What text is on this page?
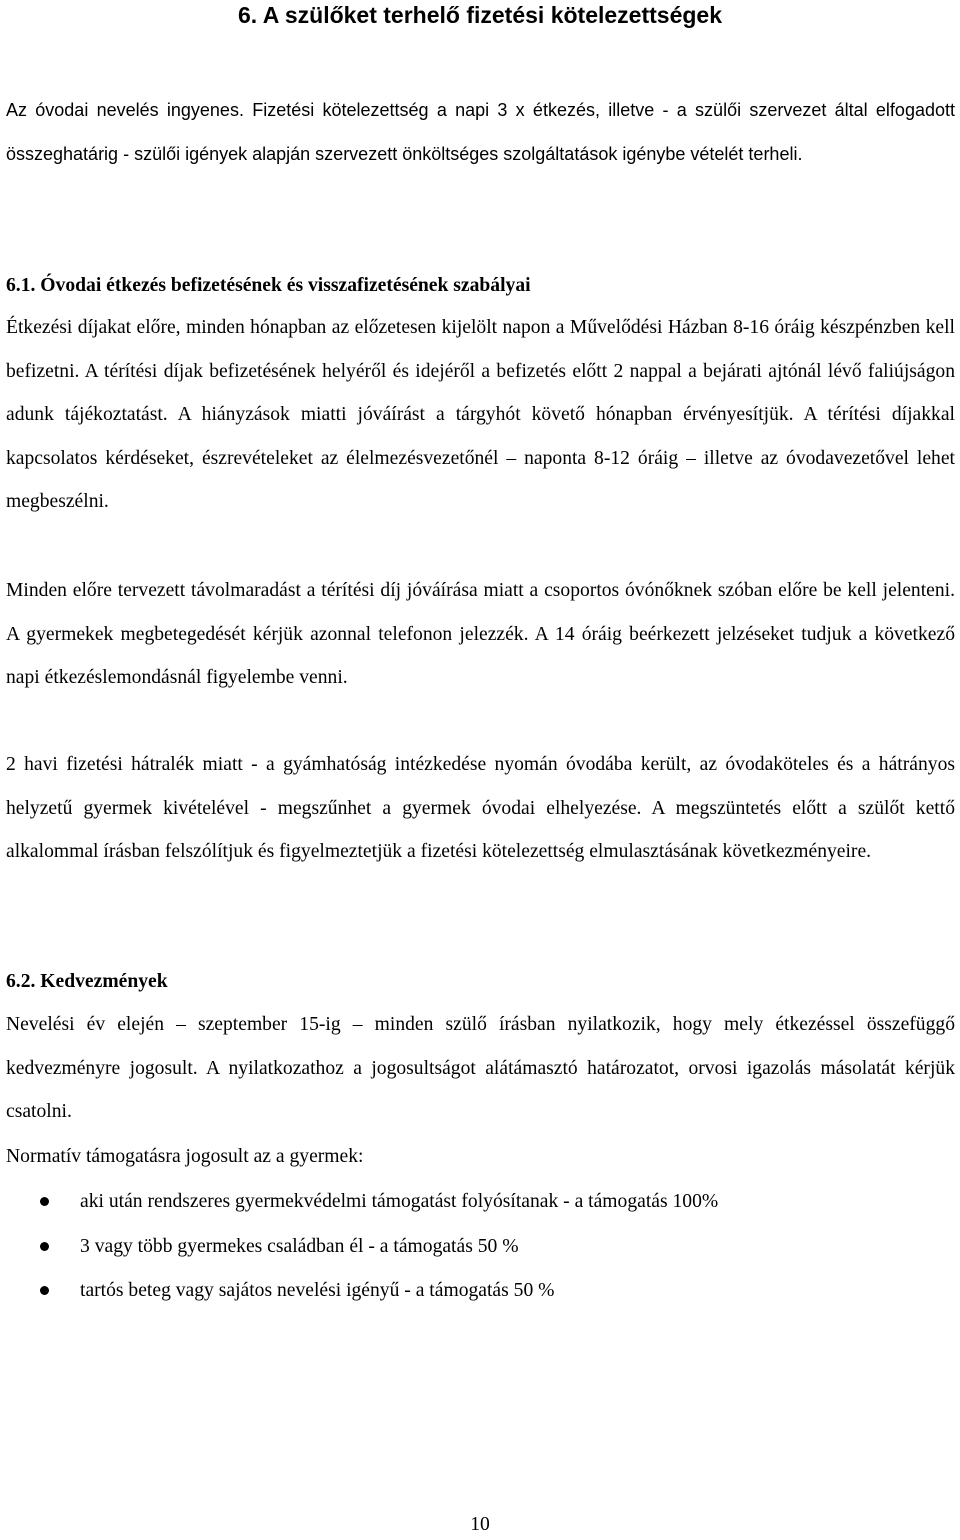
6. A szülőket terhelő fizetési kötelezettségek

Az óvodai nevelés ingyenes. Fizetési kötelezettség a napi 3 x étkezés, illetve - a szülői szervezet által elfogadott összeghatárig - szülői igények alapján szervezett önköltséges szolgáltatások igénybe vételét terheli.

6.1. Óvodai étkezés befizetésének és visszafizetésének szabályai

Étkezési díjakat előre, minden hónapban az előzetesen kijelölt napon a Művelődési Házban 8-16 óráig készpénzben kell befizetni. A térítési díjak befizetésének helyéről és idejéről a befizetés előtt 2 nappal a bejárati ajtónál lévő faliújságon adunk tájékoztatást. A hiányzások miatti jóváírást a tárgyhót követő hónapban érvényesítjük. A térítési díjakkal kapcsolatos kérdéseket, észrevételeket az élelmezésvezetőnél – naponta 8-12 óráig – illetve az óvodavezetővel lehet megbeszélni.

Minden előre tervezett távolmaradást a térítési díj jóváírása miatt a csoportos óvónőknek szóban előre be kell jelenteni. A gyermekek megbetegedését kérjük azonnal telefonon jelezzék. A 14 óráig beérkezett jelzéseket tudjuk a következő napi étkezéslemondásnál figyelembe venni.

2 havi fizetési hátralék miatt - a gyámhatóság intézkedése nyomán óvodába került, az óvodaköteles és a hátrányos helyzetű gyermek kivételével - megszűnhet a gyermek óvodai elhelyezése. A megszüntetés előtt a szülőt kettő alkalommal írásban felszólítjuk és figyelmeztetjük a fizetési kötelezettség elmulasztásának következményeire.

6.2. Kedvezmények

Nevelési év elején – szeptember 15-ig – minden szülő írásban nyilatkozik, hogy mely étkezéssel összefüggő kedvezményre jogosult. A nyilatkozathoz a jogosultságot alátámasztó határozatot, orvosi igazolás másolatát kérjük csatolni.

Normatív támogatásra jogosult az a gyermek:

aki után rendszeres gyermekvédelmi támogatást folyósítanak - a támogatás 100%
3 vagy több gyermekes családban él - a támogatás 50 %
tartós beteg vagy sajátos nevelési igényű - a támogatás 50 %
10
